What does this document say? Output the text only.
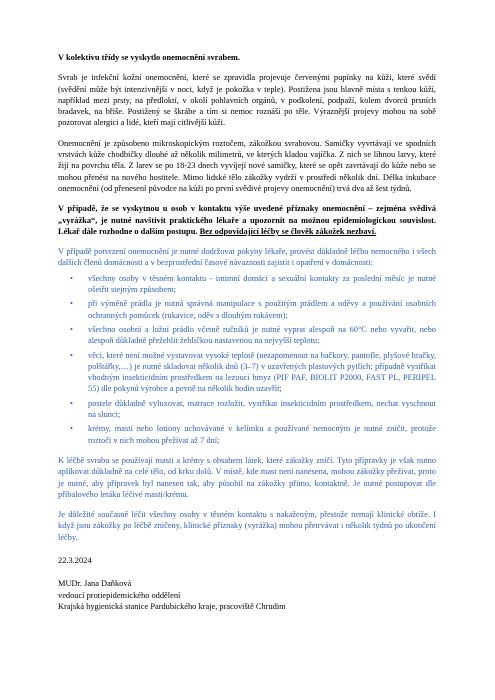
V kolektivu třídy se vyskytlo onemocnění svrabem.

Svrab je infekční kožní onemocnění, které se zpravidla projevuje červenými pupínky na kůži, které svědí (svědění může být intenzivnější v noci, když je pokožka v teple). Postižena jsou hlavně místa s tenkou kůží, například mezi prsty, na předloktí, v okolí pohlavních orgánů, v podkolení, podpaží, kolem dvorců prsních bradavek, na břiše. Postižený se škrábe a tím si nemoc roznáší po těle. Výraznější projevy mohou na sobě pozorovat alergici a lidé, kteří mají citlivější kůži.

Onemocnění je způsobeno mikroskopickým roztočem, zákožkou svrabovou. Samičky vyvrtávají ve spodních vrstvách kůže chodbičky dlouhé až několik milimetrů, ve kterých kladou vajíčka. Z nich se líhnou larvy, které žijí na povrchu těla. Z larev se po 18-23 dnech vyvíjejí nové samičky, které se opět zavrtávají do kůže nebo se mohou přenést na nového hostitele. Mimo lidské tělo zákožky vydrží v prostředí několik dní. Délka inkubace onemocnění (od přenesení původce na kůži po první svědivé projevy onemocnění) trvá dva až šest týdnů.

V případě, že se vyskytnou u osob v kontaktu výše uvedené příznaky onemocnění – zejména svědivá „vyrážka“, je nutné navštívit praktického lékaře a upozornit na možnou epidemiologickou souvislost. Lékař dále rozhodne o dalším postupu. Bez odpovídající léčby se člověk zákožek nezbaví.

V případě potvrzení onemocnění je nutné dodržovat pokyny lékaře, provést důkladně léčbu nemocného i všech dalších členů domácnosti a v bezprostřední časové návaznosti zajistit i opatření v domácnosti:

• všechny osoby v těsném kontaktu - intimní domácí a sexuální kontakty za poslední měsíc je nutné ošetřit stejným způsobem;
• při výměně prádla je nutná správná manipulace s použitým prádlem a oděvy a používání osobních ochranných pomůcek (rukavice, oděv s dlouhým rukávem);
• všechno osobní a ložní prádlo včetně ručníků je nutné vyprat alespoň na 60°C nebo vyvařit, nebo alespoň důkladně přežehlit žehličkou nastavenou na nejvyšší teplotu;
• věci, které není možné vystavovat vysoké teplotě (nezapomenout na bačkory, pantofle, plyšové hračky, polštářky,…) je nutné skladovat několik dnů (3–7) v uzavřených plastových pytlích; případně vystříkat vhodným insekticidním prostředkem na lezoucí hmyz (PIF PAF, BIOLIT P2000, FAST PL, PERIPEL 55) dle pokynů výrobce a pevně na několik hodin uzavřít;
• postele důkladně vyluxovat, matrace rozložit, vystříkat insekticidním prostředkem, nechat vyschnout na slunci;
• krémy, mastí nebo lotiony uchovávané v kelímku a používané nemocným je nutné zničit, protože roztoči v nich mohou přežívat až 7 dní;

K léčbě svrabu se používají masti a krémy s obsahem látek, které zákožky zničí. Tyto přípravky je však nutno aplikovat důkladně na celé tělo, od krku dolů. V místě, kde mast není nanesena, mohou zákožky přežívat, proto je nutné, aby přípravek byl nanesen tak, aby působil na zákožky přímo, kontaktně. Je nutné postupovat dle příbalového letáku léčivé masti/krému.

Je důležité současně léčit všechny osoby v těsném kontaktu s nakaženým, přestože nemají klinické obtíže. I když jsou zákožky po léčbě zničeny, klinické příznaky (vyrážka) mohou přetrvávat i několik týdnů po ukončení léčby.

22.3.2024

MUDr. Jana Daňková

vedoucí protiepidemického oddělení

Krajská hygienická stanice Pardubického kraje, pracoviště Chrudim
